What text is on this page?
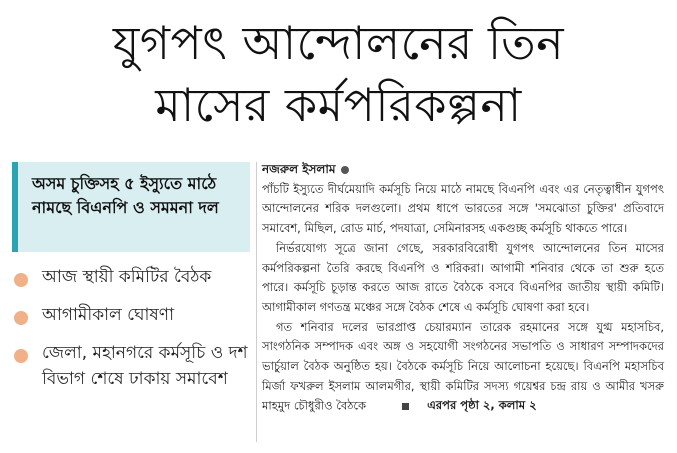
যুগপৎ আন্দোলনের তিন
মাসের কর্মপরিকল্পনা
অসম চুক্তিসহ ৫ ইস্যুতে মাঠে নামছে বিএনপি ও সমমনা দল
আজ স্থায়ী কমিটির বৈঠক
আগামীকাল ঘোষণা
জেলা, মহানগরে কর্মসূচি ও দশ বিভাগ শেষে ঢাকায় সমাবেশ
নজরুল ইসলাম

পাঁচটি ইস্যুতে দীর্ঘমেয়াদি কর্মসূচি নিয়ে মাঠে নামছে বিএনপি এবং এর নেতৃত্বাধীন যুগপৎ আন্দোলনের শরিক দলগুলো। প্রথম ধাপে ভারতের সঙ্গে 'সমঝোতা চুক্তির' প্রতিবাদে সমাবেশ, মিছিল, রোড মার্চ, পদযাত্রা, সেমিনারসহ একগুচ্ছ কর্মসূচি থাকতে পারে।

নির্ভরযোগ্য সূত্রে জানা গেছে, সরকারবিরোধী যুগপৎ আন্দোলনের তিন মাসের কর্মপরিকল্পনা তৈরি করছে বিএনপি ও শরিকরা। আগামী শনিবার থেকে তা শুরু হতে পারে। কর্মসূচি চূড়ান্ত করতে আজ রাতে বৈঠকে বসবে বিএনপির জাতীয় স্থায়ী কমিটি। আগামীকাল গণতন্ত্র মঞ্চের সঙ্গে বৈঠক শেষে এ কর্মসূচি ঘোষণা করা হবে।

গত শনিবার দলের ভারপ্রাপ্ত চেয়ারম্যান তারেক রহমানের সঙ্গে যুগ্ম মহাসচিব, সাংগঠনিক সম্পাদক এবং অঙ্গ ও সহযোগী সংগঠনের সভাপতি ও সাধারণ সম্পাদকদের ভার্চুয়াল বৈঠক অনুষ্ঠিত হয়। বৈঠকে কর্মসূচি নিয়ে আলোচনা হয়েছে। বিএনপি মহাসচিব মির্জা ফখরুল ইসলাম আলমগীর, স্থায়ী কমিটির সদস্য গয়েশ্বর চন্দ্র রায় ও আমীর খসরু মাহমুদ চৌধুরীও বৈঠকে	এরপর পৃষ্ঠা ২, কলাম ২
